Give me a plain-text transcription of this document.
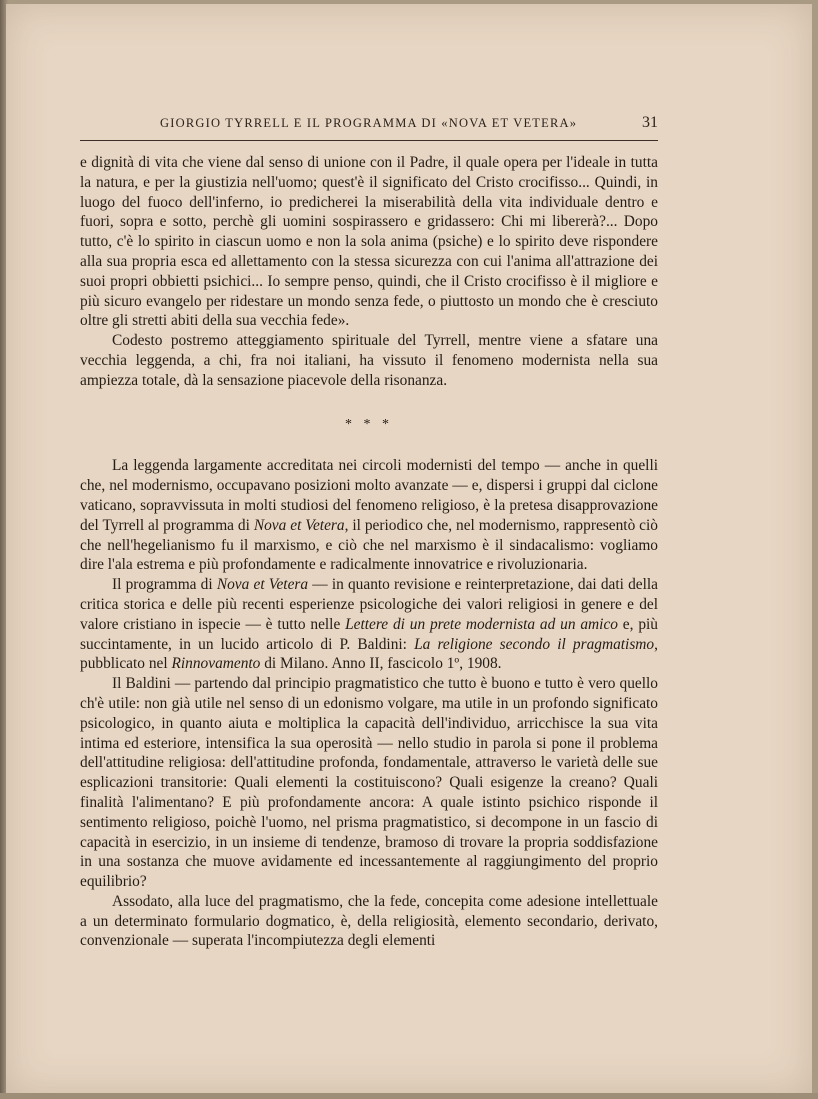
GIORGIO TYRRELL E IL PROGRAMMA DI «NOVA ET VETERA»	31

e dignità di vita che viene dal senso di unione con il Padre, il quale opera per l'ideale in tutta la natura, e per la giustizia nell'uomo; quest'è il significato del Cristo crocifisso... Quindi, in luogo del fuoco dell'inferno, io predicherei la miserabilità della vita individuale dentro e fuori, sopra e sotto, perchè gli uomini sospirassero e gridassero: Chi mi libererà?... Dopo tutto, c'è lo spirito in ciascun uomo e non la sola anima (psiche) e lo spirito deve rispondere alla sua propria esca ed allettamento con la stessa sicurezza con cui l'anima all'attrazione dei suoi propri obbietti psichici... Io sempre penso, quindi, che il Cristo crocifisso è il migliore e più sicuro evangelo per ridestare un mondo senza fede, o piuttosto un mondo che è cresciuto oltre gli stretti abiti della sua vecchia fede».

Codesto postremo atteggiamento spirituale del Tyrrell, mentre viene a sfatare una vecchia leggenda, a chi, fra noi italiani, ha vissuto il fenomeno modernista nella sua ampiezza totale, dà la sensazione piacevole della risonanza.

* * *

La leggenda largamente accreditata nei circoli modernisti del tempo — anche in quelli che, nel modernismo, occupavano posizioni molto avanzate — e, dispersi i gruppi dal ciclone vaticano, sopravvissuta in molti studiosi del fenomeno religioso, è la pretesa disapprovazione del Tyrrell al programma di Nova et Vetera, il periodico che, nel modernismo, rappresentò ciò che nell'hegelianismo fu il marxismo, e ciò che nel marxismo è il sindacalismo: vogliamo dire l'ala estrema e più profondamente e radicalmente innovatrice e rivoluzionaria.

Il programma di Nova et Vetera — in quanto revisione e reinterpretazione, dai dati della critica storica e delle più recenti esperienze psicologiche dei valori religiosi in genere e del valore cristiano in ispecie — è tutto nelle Lettere di un prete modernista ad un amico e, più succintamente, in un lucido articolo di P. Baldini: La religione secondo il pragmatismo, pubblicato nel Rinnovamento di Milano. Anno II, fascicolo 1º, 1908.

Il Baldini — partendo dal principio pragmatistico che tutto è buono e tutto è vero quello ch'è utile: non già utile nel senso di un edonismo volgare, ma utile in un profondo significato psicologico, in quanto aiuta e moltiplica la capacità dell'individuo, arricchisce la sua vita intima ed esteriore, intensifica la sua operosità — nello studio in parola si pone il problema dell'attitudine religiosa: dell'attitudine profonda, fondamentale, attraverso le varietà delle sue esplicazioni transitorie: Quali elementi la costituiscono? Quali esigenze la creano? Quali finalità l'alimentano? E più profondamente ancora: A quale istinto psichico risponde il sentimento religioso, poichè l'uomo, nel prisma pragmatistico, si decompone in un fascio di capacità in esercizio, in un insieme di tendenze, bramoso di trovare la propria soddisfazione in una sostanza che muove avidamente ed incessantemente al raggiungimento del proprio equilibrio?

Assodato, alla luce del pragmatismo, che la fede, concepita come adesione intellettuale a un determinato formulario dogmatico, è, della religiosità, elemento secondario, derivato, convenzionale — superata l'incompiutezza degli elementi
